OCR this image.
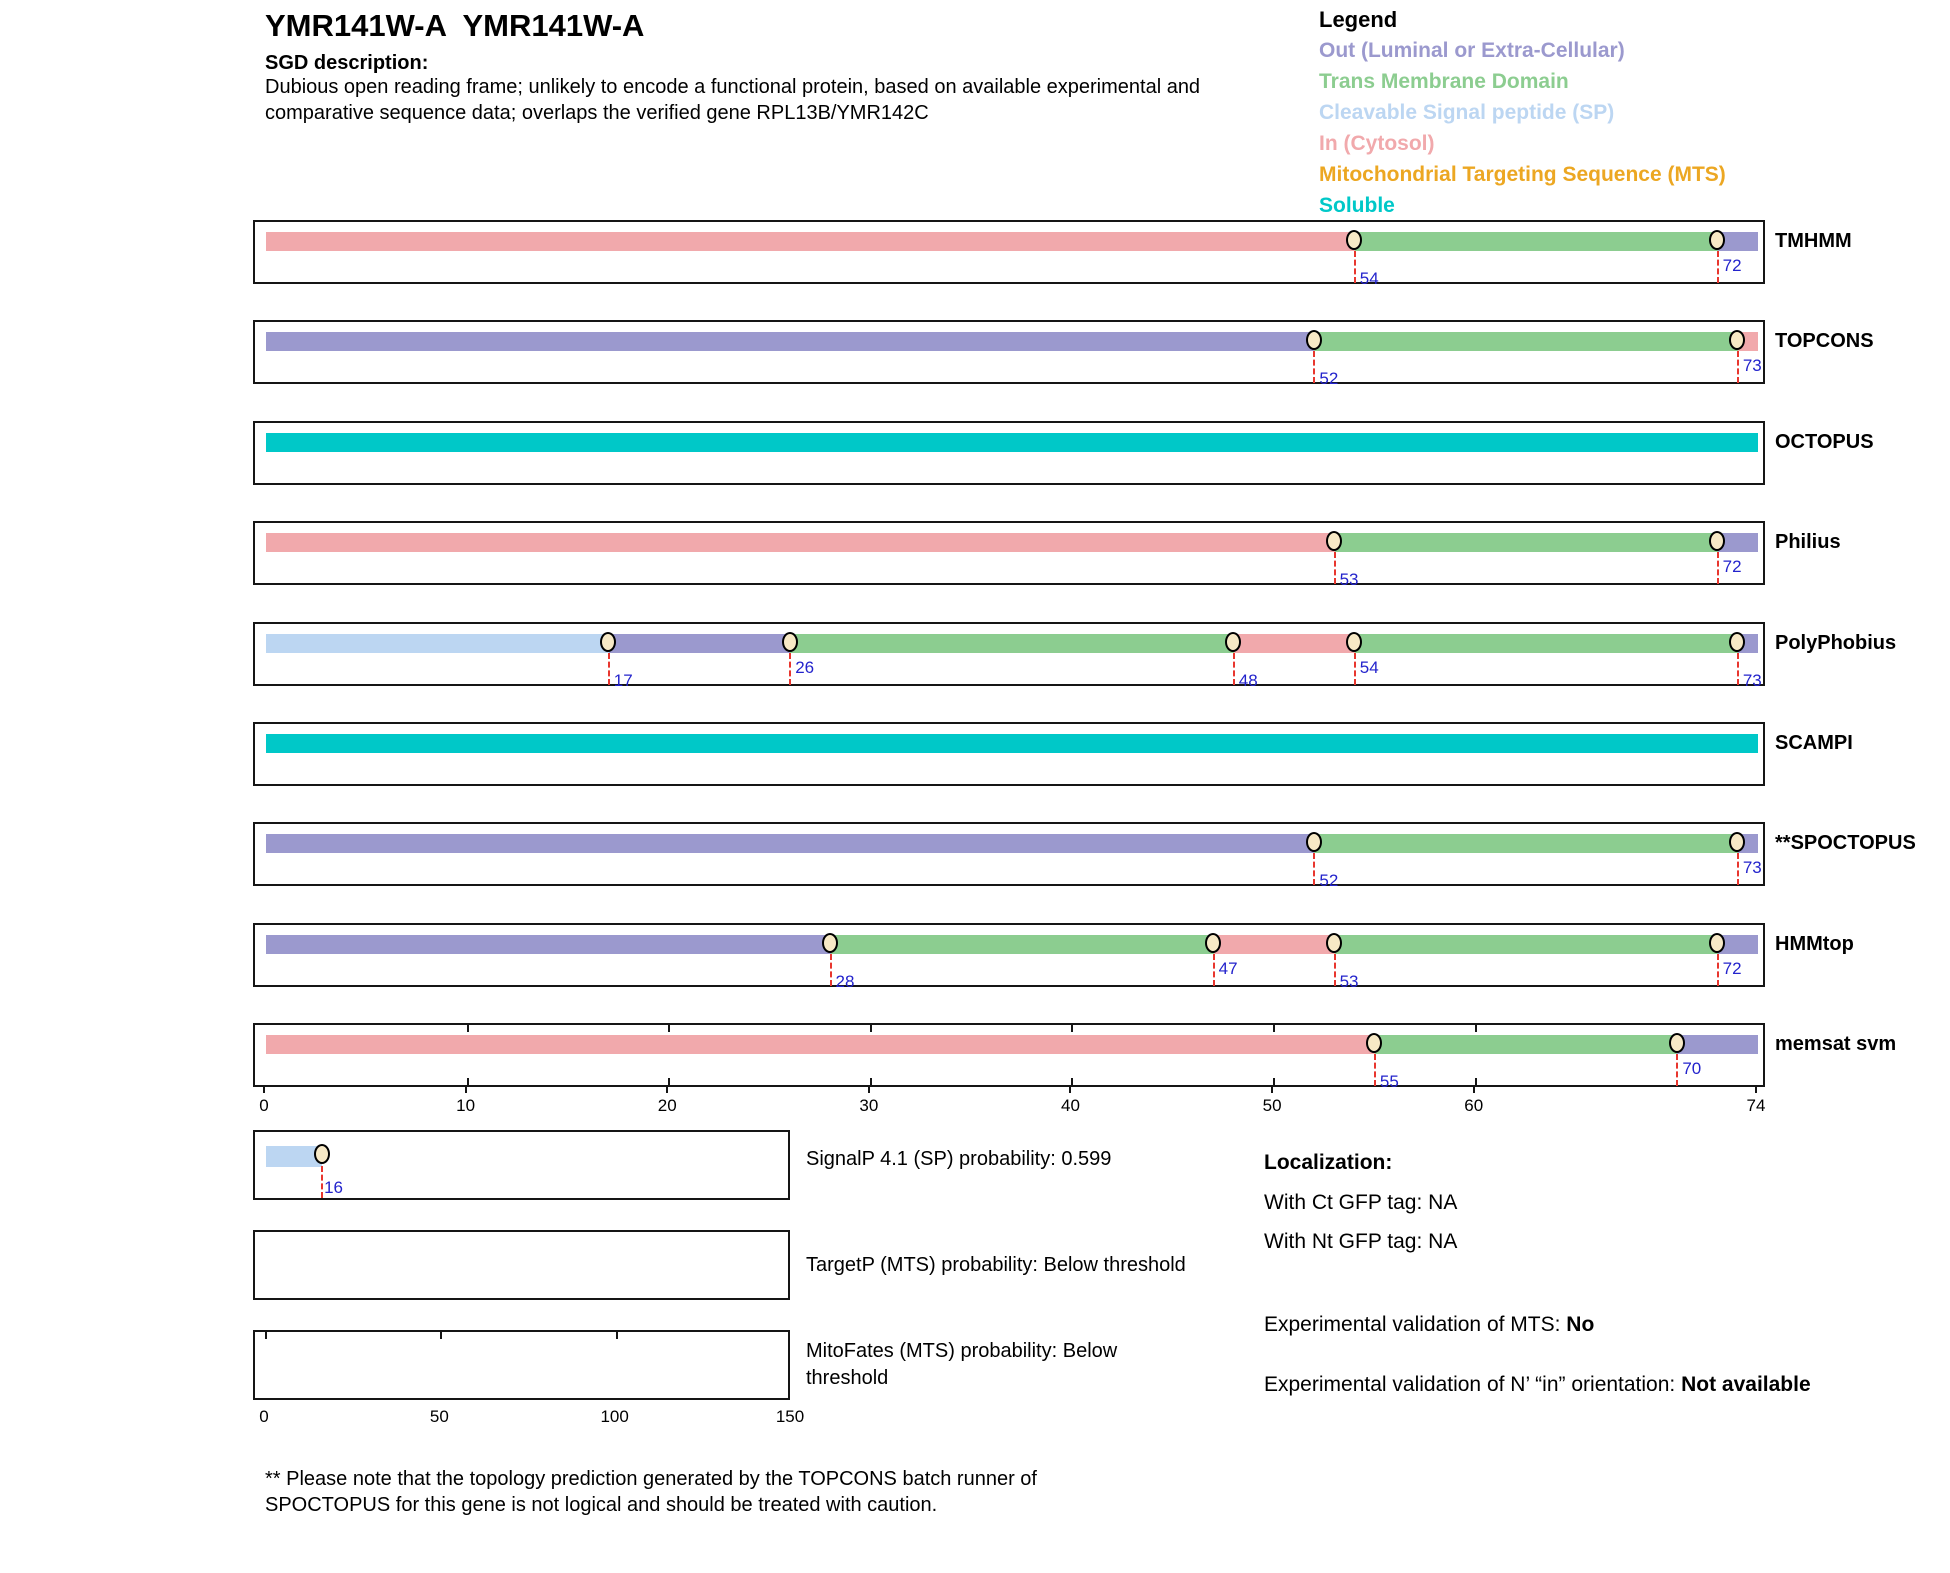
YMR141W-A  YMR141W-A
SGD description:
Dubious open reading frame; unlikely to encode a functional protein, based on available experimental and comparative sequence data; overlaps the verified gene RPL13B/YMR142C
Legend
Out (Luminal or Extra-Cellular)
Trans Membrane Domain
Cleavable Signal peptide (SP)
In (Cytosol)
Mitochondrial Targeting Sequence (MTS)
Soluble
54
72
TMHMM
52
73
TOPCONS
OCTOPUS
53
72
Philius
17
26
48
54
73
PolyPhobius
SCAMPI
52
73
**SPOCTOPUS
28
47
53
72
HMMtop
55
70
memsat svm
0	10	20	30	40	50	60	74
16
SignalP 4.1 (SP) probability: 0.599
TargetP (MTS) probability: Below threshold
0	50	100	150
MitoFates (MTS) probability: Below threshold
Localization:
With Ct GFP tag: NA
With Nt GFP tag: NA
Experimental validation of MTS: No
Experimental validation of N’ “in” orientation: Not available
** Please note that the topology prediction generated by the TOPCONS batch runner of SPOCTOPUS for this gene is not logical and should be treated with caution.
